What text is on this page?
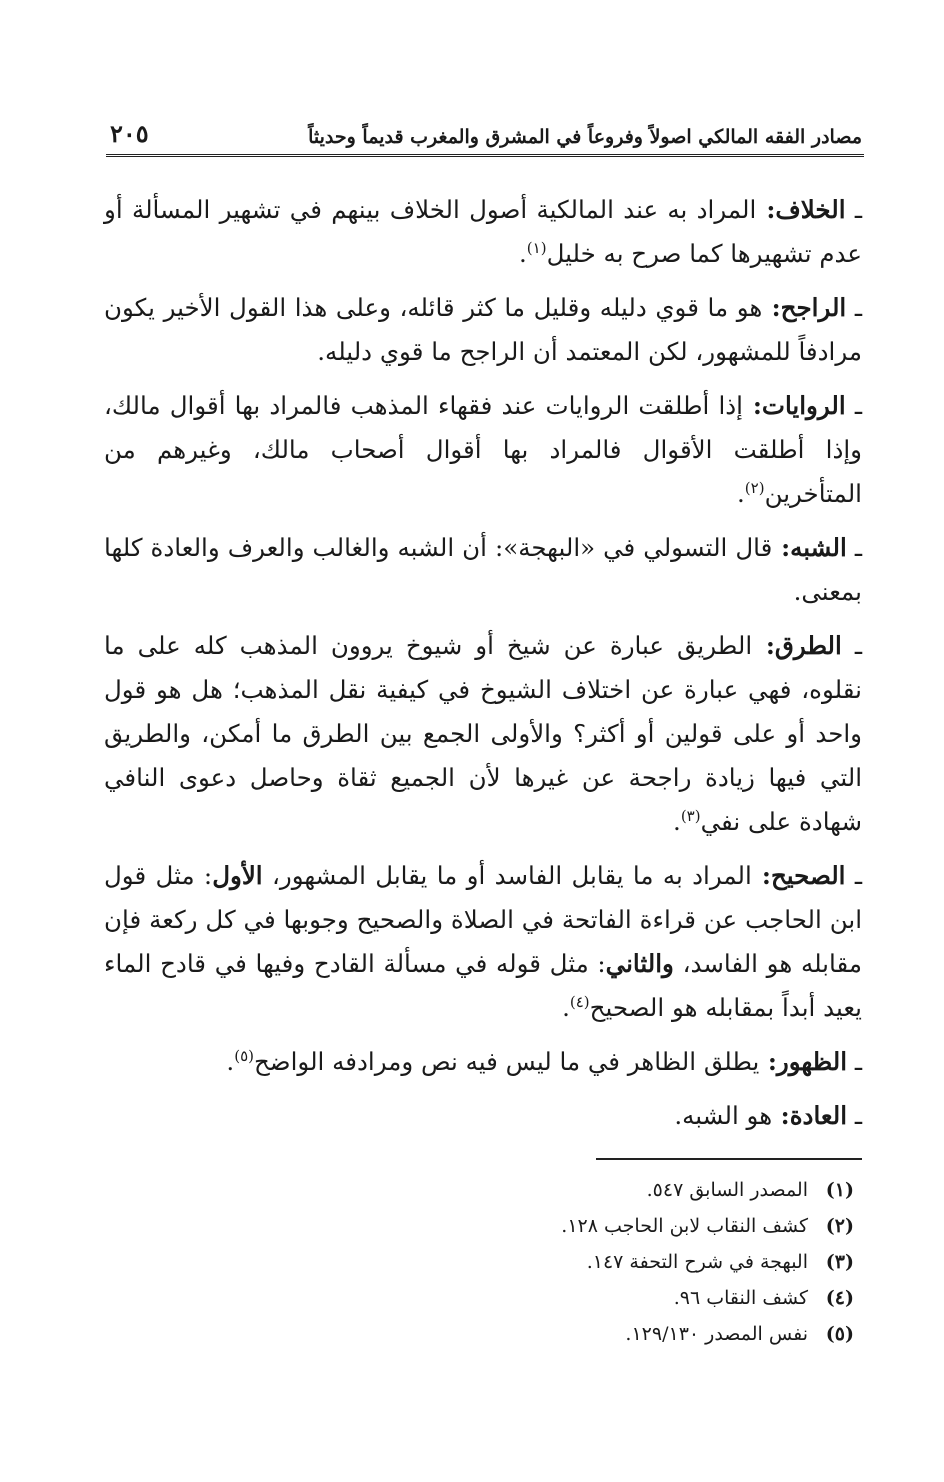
مصادر الفقه المالكي اصولاً وفروعاً في المشرق والمغرب قديماً وحديثاً
٢٠٥

ـ الخلاف: المراد به عند المالكية أصول الخلاف بينهم في تشهير المسألة أو عدم تشهيرها كما صرح به خليل$^{(١)}$.

ـ الراجح: هو ما قوي دليله وقليل ما كثر قائله، وعلى هذا القول الأخير يكون مرادفاً للمشهور، لكن المعتمد أن الراجح ما قوي دليله.

ـ الروايات: إذا أطلقت الروايات عند فقهاء المذهب فالمراد بها أقوال مالك، وإذا أطلقت الأقوال فالمراد بها أقوال أصحاب مالك، وغيرهم من المتأخرين$^{(٢)}$.

ـ الشبه: قال التسولي في «البهجة»: أن الشبه والغالب والعرف والعادة كلها بمعنى.

ـ الطرق: الطريق عبارة عن شيخ أو شيوخ يروون المذهب كله على ما نقلوه، فهي عبارة عن اختلاف الشيوخ في كيفية نقل المذهب؛ هل هو قول واحد أو على قولين أو أكثر؟ والأولى الجمع بين الطرق ما أمكن، والطريق التي فيها زيادة راجحة عن غيرها لأن الجميع ثقاة وحاصل دعوى النافي شهادة على نفي$^{(٣)}$.

ـ الصحيح: المراد به ما يقابل الفاسد أو ما يقابل المشهور، الأول: مثل قول ابن الحاجب عن قراءة الفاتحة في الصلاة والصحيح وجوبها في كل ركعة فإن مقابله هو الفاسد، والثاني: مثل قوله في مسألة القادح وفيها في قادح الماء يعيد أبداً بمقابله هو الصحيح$^{(٤)}$.

ـ الظهور: يطلق الظاهر في ما ليس فيه نص ومرادفه الواضح$^{(٥)}$.

ـ العادة: هو الشبه.

(١)
المصدر السابق ٥٤٧.
(٢)
كشف النقاب لابن الحاجب ١٢٨.
(٣)
البهجة في شرح التحفة ١٤٧.
(٤)
كشف النقاب ٩٦.
(٥)
نفس المصدر ١٢٩/١٣٠.
